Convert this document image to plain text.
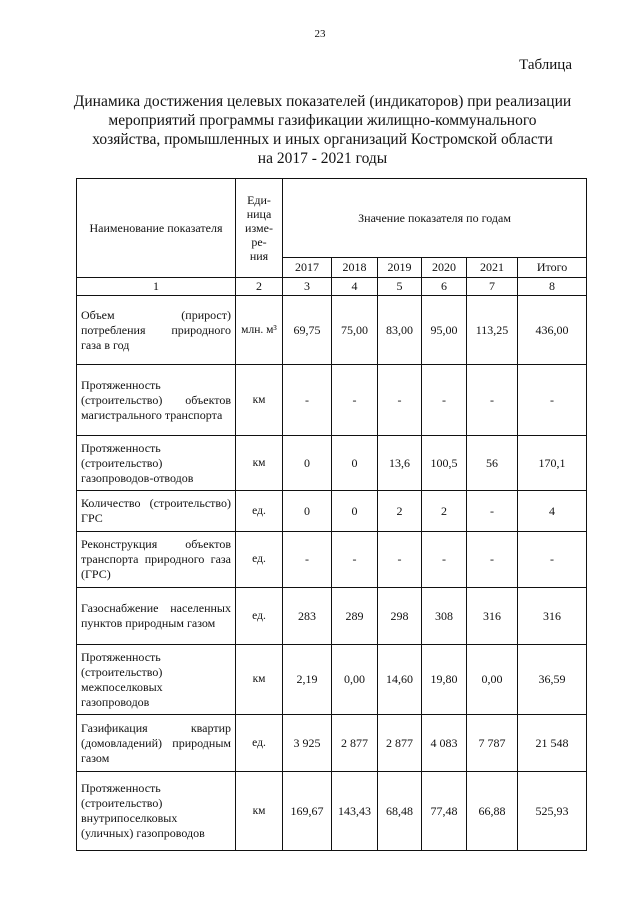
23
Таблица
Динамика достижения целевых показателей (индикаторов) при реализации
мероприятий программы газификации жилищно-коммунального
хозяйства, промышленных и иных организаций Костромской области
на 2017 - 2021 годы
Наименование показателя	Еди-
ница
изме-
ре-
ния	Значение показателя по годам					
		2017	2018	2019	2020	2021	Итого
1	2	3	4	5	6	7	8
Объем (прирост) потребления природного газа в год	млн. м³	69,75	75,00	83,00	95,00	113,25	436,00
Протяженность (строительство) объектов магистрального транспорта	км	-	-	-	-	-	-
Протяженность (строительство) газопроводов-отводов	км	0	0	13,6	100,5	56	170,1
Количество (строительство) ГРС	ед.	0	0	2	2	-	4
Реконструкция объектов транспорта природного газа (ГРС)	ед.	-	-	-	-	-	-
Газоснабжение населенных пунктов природным газом	ед.	283	289	298	308	316	316
Протяженность (строительство) межпоселковых газопроводов	км	2,19	0,00	14,60	19,80	0,00	36,59
Газификация квартир (домовладений) природным газом	ед.	3 925	2 877	2 877	4 083	7 787	21 548
Протяженность (строительство) внутрипоселковых (уличных) газопроводов	км	169,67	143,43	68,48	77,48	66,88	525,93
